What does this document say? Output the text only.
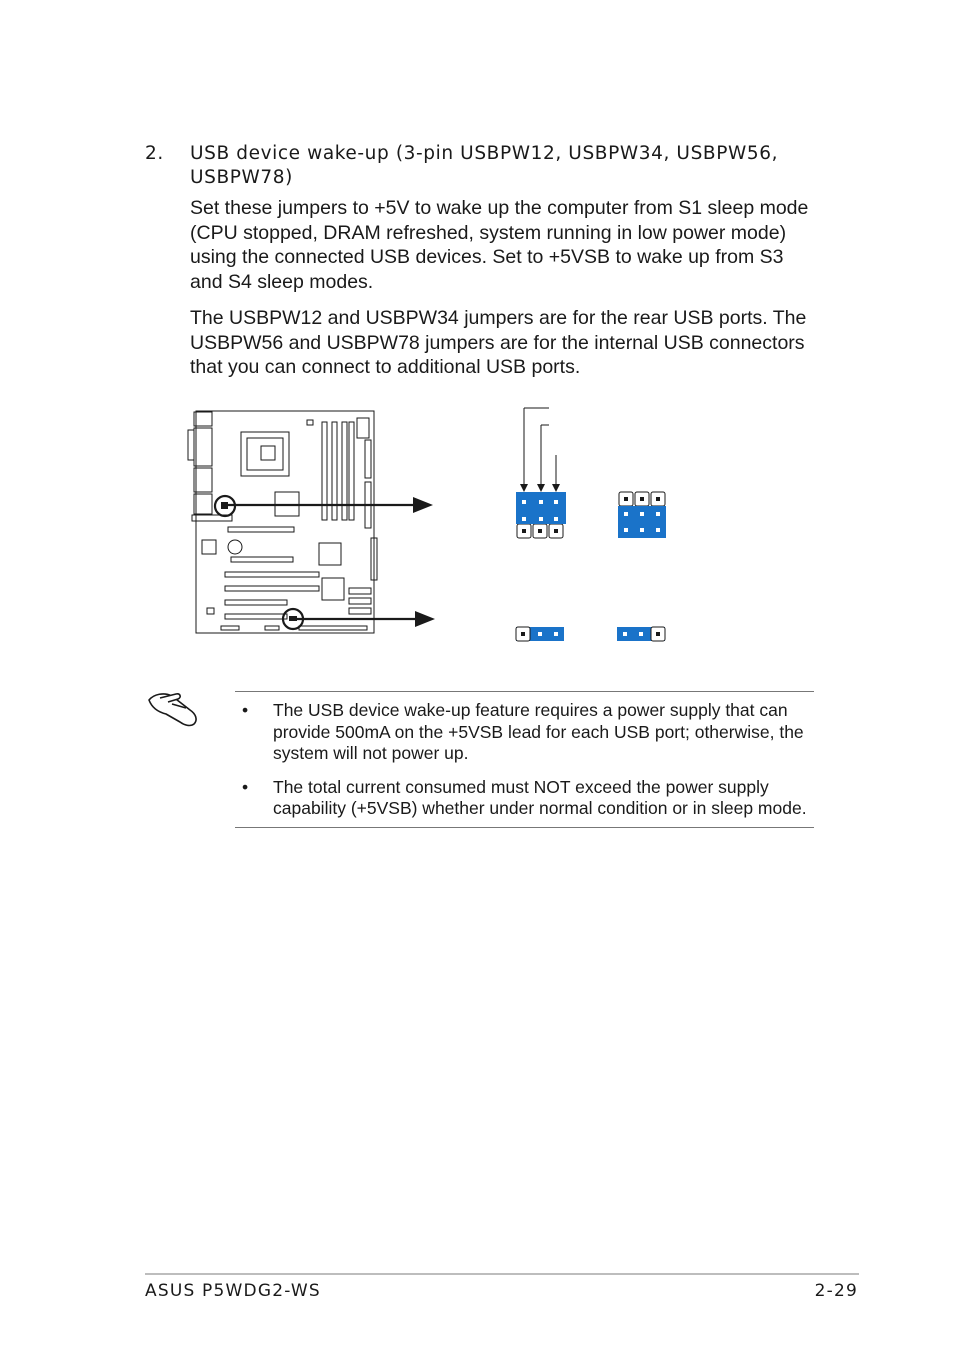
2. USB device wake-up (3-pin USBPW12, USBPW34, USBPW56, USBPW78)

Set these jumpers to +5V to wake up the computer from S1 sleep mode (CPU stopped, DRAM refreshed, system running in low power mode) using the connected USB devices. Set to +5VSB to wake up from S3 and S4 sleep modes.

The USBPW12 and USBPW34 jumpers are for the rear USB ports. The USBPW56 and USBPW78 jumpers are for the internal USB connectors that you can connect to additional USB ports.

• The USB device wake-up feature requires a power supply that can provide 500mA on the +5VSB lead for each USB port; otherwise, the system will not power up.
• The total current consumed must NOT exceed the power supply capability (+5VSB) whether under normal condition or in sleep mode.
ASUS P5WDG2-WS	2-29
